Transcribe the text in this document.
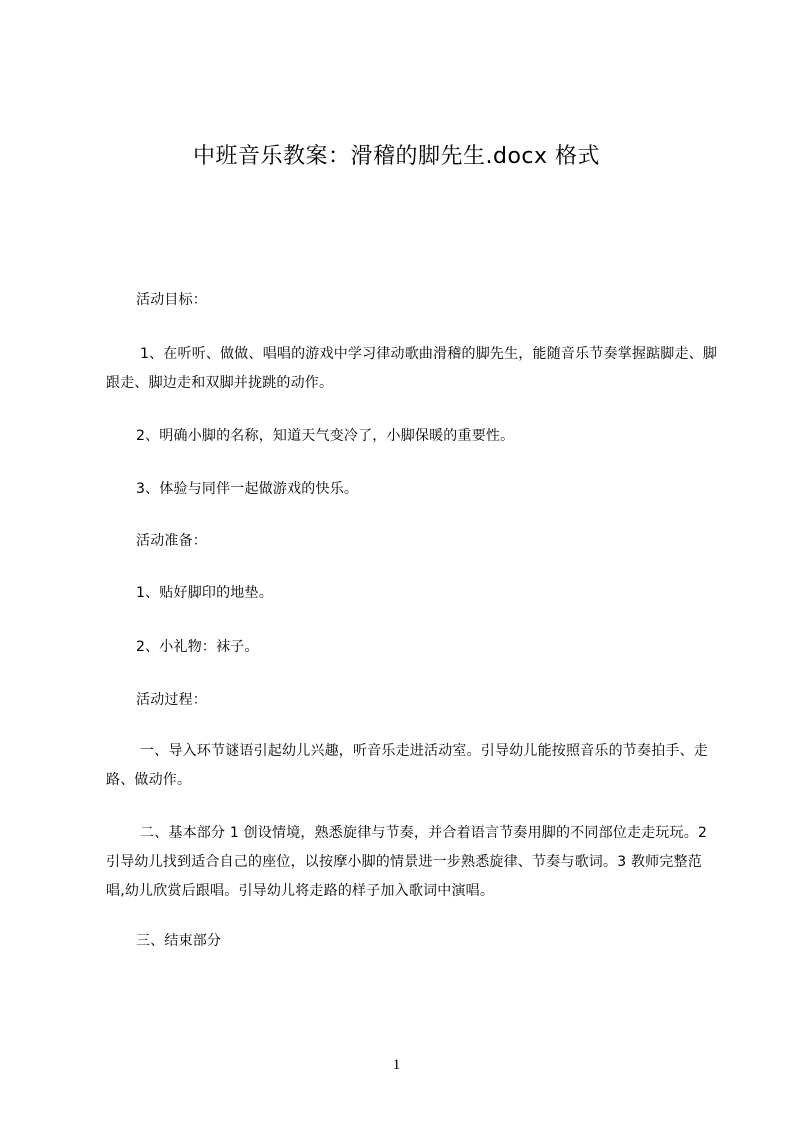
中班音乐教案：滑稽的脚先生.docx 格式
活动目标：
1、在听听、做做、唱唱的游戏中学习律动歌曲滑稽的脚先生，能随音乐节奏掌握踮脚走、脚跟走、脚边走和双脚并拢跳的动作。
2、明确小脚的名称，知道天气变冷了，小脚保暖的重要性。
3、体验与同伴一起做游戏的快乐。
活动准备：
1、贴好脚印的地垫。
2、小礼物：袜子。
活动过程：
一、导入环节谜语引起幼儿兴趣，听音乐走进活动室。引导幼儿能按照音乐的节奏拍手、走路、做动作。
二、基本部分 1 创设情境，熟悉旋律与节奏，并合着语言节奏用脚的不同部位走走玩玩。2 引导幼儿找到适合自己的座位，以按摩小脚的情景进一步熟悉旋律、节奏与歌词。3 教师完整范唱,幼儿欣赏后跟唱。引导幼儿将走路的样子加入歌词中演唱。
三、结束部分
1
